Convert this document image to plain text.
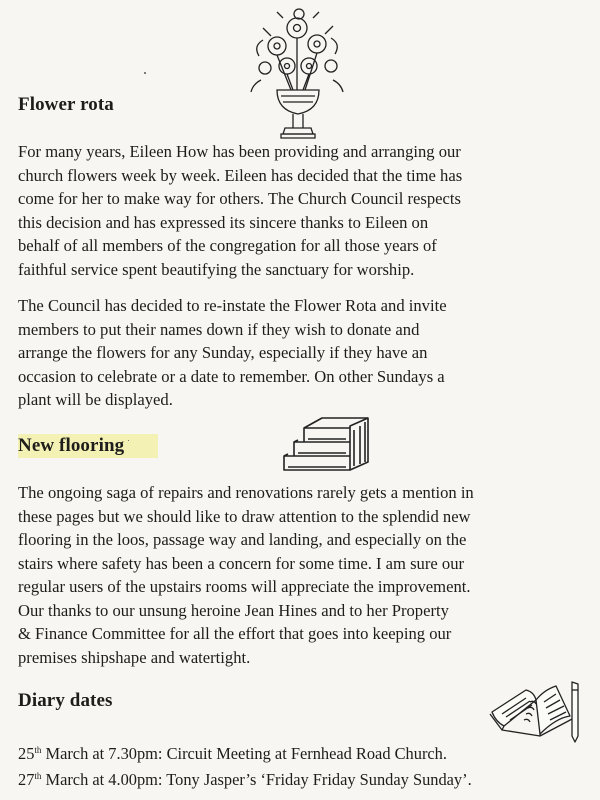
Flower rota

For many years, Eileen How has been providing and arranging our
church flowers week by week. Eileen has decided that the time has
come for her to make way for others. The Church Council respects
this decision and has expressed its sincere thanks to Eileen on
behalf of all members of the congregation for all those years of
faithful service spent beautifying the sanctuary for worship.

The Council has decided to re-instate the Flower Rota and invite
members to put their names down if they wish to donate and
arrange the flowers for any Sunday, especially if they have an
occasion to celebrate or a date to remember. On other Sundays a
plant will be displayed.

New flooring

The ongoing saga of repairs and renovations rarely gets a mention in
these pages but we should like to draw attention to the splendid new
flooring in the loos, passage way and landing, and especially on the
stairs where safety has been a concern for some time. I am sure our
regular users of the upstairs rooms will appreciate the improvement.
Our thanks to our unsung heroine Jean Hines and to her Property
& Finance Committee for all the effort that goes into keeping our
premises shipshape and watertight.

Diary dates
25th March at 7.30pm: Circuit Meeting at Fernhead Road Church.
27th March at 4.00pm: Tony Jasper’s ‘Friday Friday Sunday Sunday’.
